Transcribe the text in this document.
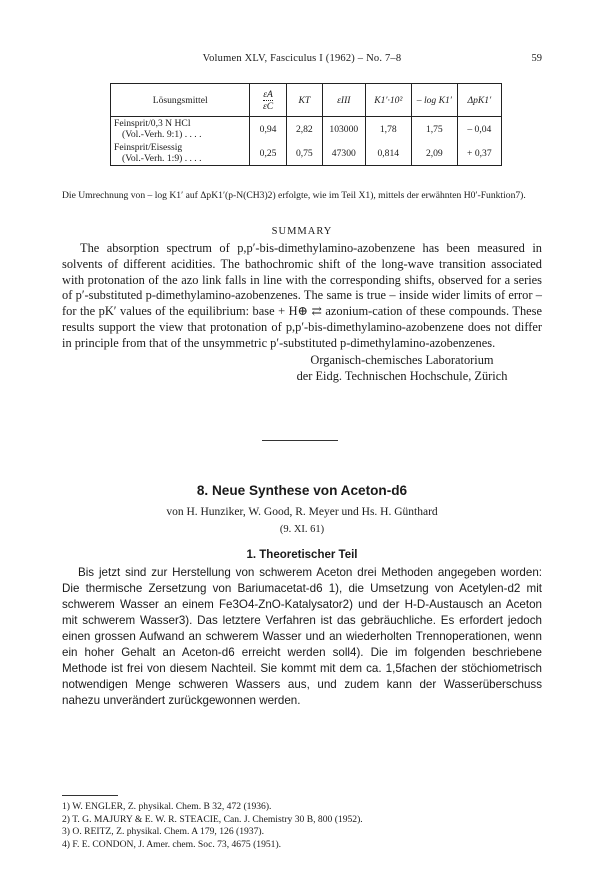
Volumen XLV, Fasciculus I (1962) – No. 7–8	59
Lösungsmittel	$\frac{\varepsilon A}{\varepsilon C}$	KT	εIII	K1′·10²	– log K1′	ΔpK1′

Feinsprit/0,3 N HCl
(Vol.-Verh. 9:1) . . . .	0,94	2,82	103000	1,78	1,75	– 0,04

Feinsprit/Eisessig
(Vol.-Verh. 1:9) . . . .	0,25	0,75	47300	0,814	2,09	+ 0,37
Die Umrechnung von – log K1′ auf ΔpK1′(p-N(CH3)2) erfolgte, wie im Teil X1), mittels der erwähnten H0′-Funktion7).
SUMMARY

The absorption spectrum of p,p′-bis-dimethylamino-azobenzene has been measured in solvents of different acidities. The bathochromic shift of the long-wave transition associated with protonation of the azo link falls in line with the corresponding shifts, observed for a series of p′-substituted p-dimethylamino-azobenzenes. The same is true – inside wider limits of error – for the pK′ values of the equilibrium: base + H⊕ ⇄ azonium-cation of these compounds. These results support the view that protonation of p,p′-bis-dimethylamino-azobenzene does not differ in principle from that of the unsymmetric p′-substituted p-dimethylamino-azobenzenes.

Organisch-chemisches Laboratorium
der Eidg. Technischen Hochschule, Zürich
8. Neue Synthese von Aceton-d6
von H. Hunziker, W. Good, R. Meyer und Hs. H. Günthard
(9. XI. 61)
1. Theoretischer Teil

Bis jetzt sind zur Herstellung von schwerem Aceton drei Methoden angegeben worden: Die thermische Zersetzung von Bariumacetat-d6 1), die Umsetzung von Acetylen-d2 mit schwerem Wasser an einem Fe3O4-ZnO-Katalysator2) und der H-D-Austausch an Aceton mit schwerem Wasser3). Das letztere Verfahren ist das gebräuchliche. Es erfordert jedoch einen grossen Aufwand an schwerem Wasser und an wiederholten Trennoperationen, wenn ein hoher Gehalt an Aceton-d6 erreicht werden soll4). Die im folgenden beschriebene Methode ist frei von diesem Nachteil. Sie kommt mit dem ca. 1,5fachen der stöchiometrisch notwendigen Menge schweren Wassers aus, und zudem kann der Wasserüberschuss nahezu unverändert zurückgewonnen werden.

1) W. ENGLER, Z. physikal. Chem. B 32, 472 (1936).
2) T. G. MAJURY & E. W. R. STEACIE, Can. J. Chemistry 30 B, 800 (1952).
3) O. REITZ, Z. physikal. Chem. A 179, 126 (1937).
4) F. E. CONDON, J. Amer. chem. Soc. 73, 4675 (1951).
